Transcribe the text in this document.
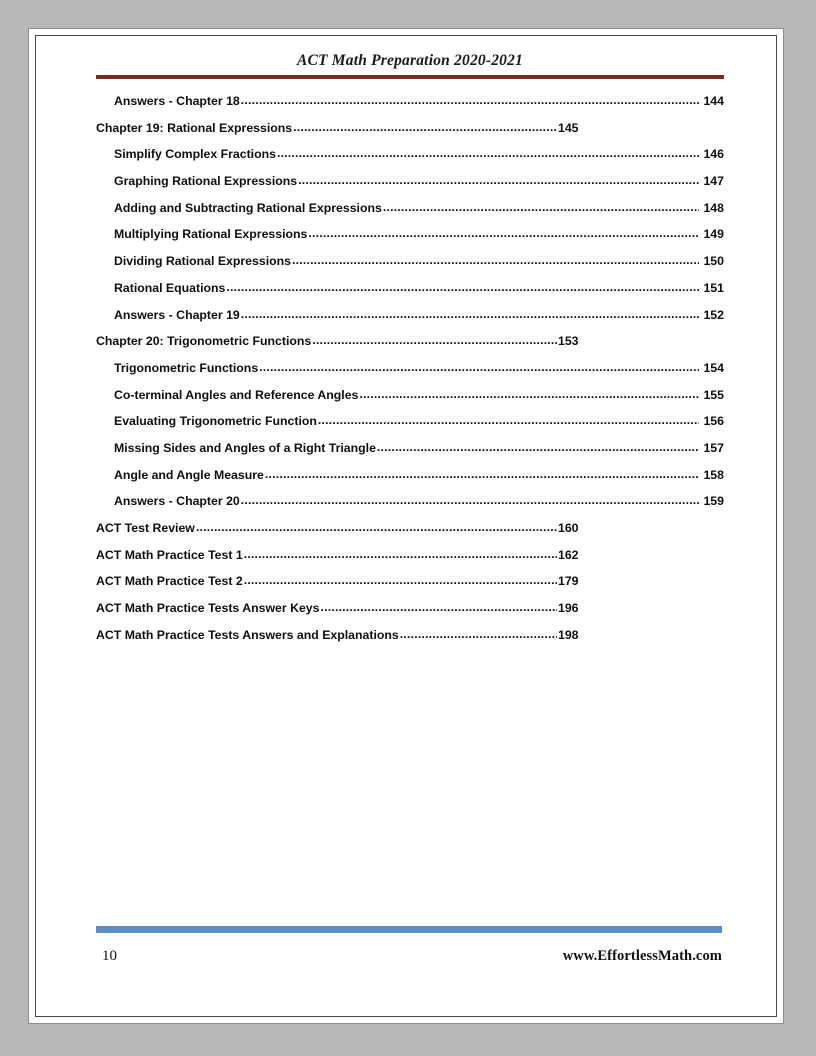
ACT Math Preparation 2020-2021
Answers - Chapter 18 .....	144
Chapter 19: Rational Expressions .....	145
Simplify Complex Fractions .....	146
Graphing Rational Expressions .....	147
Adding and Subtracting Rational Expressions .....	148
Multiplying Rational Expressions .....	149
Dividing Rational Expressions .....	150
Rational Equations .....	151
Answers - Chapter 19 .....	152
Chapter 20: Trigonometric Functions .....	153
Trigonometric Functions .....	154
Co-terminal Angles and Reference Angles .....	155
Evaluating Trigonometric Function .....	156
Missing Sides and Angles of a Right Triangle .....	157
Angle and Angle Measure .....	158
Answers - Chapter 20 .....	159
ACT Test Review .....	160
ACT Math Practice Test 1 .....	162
ACT Math Practice Test 2 .....	179
ACT Math Practice Tests Answer Keys .....	196
ACT Math Practice Tests Answers and Explanations .....	198
10	www.EffortlessMath.com
